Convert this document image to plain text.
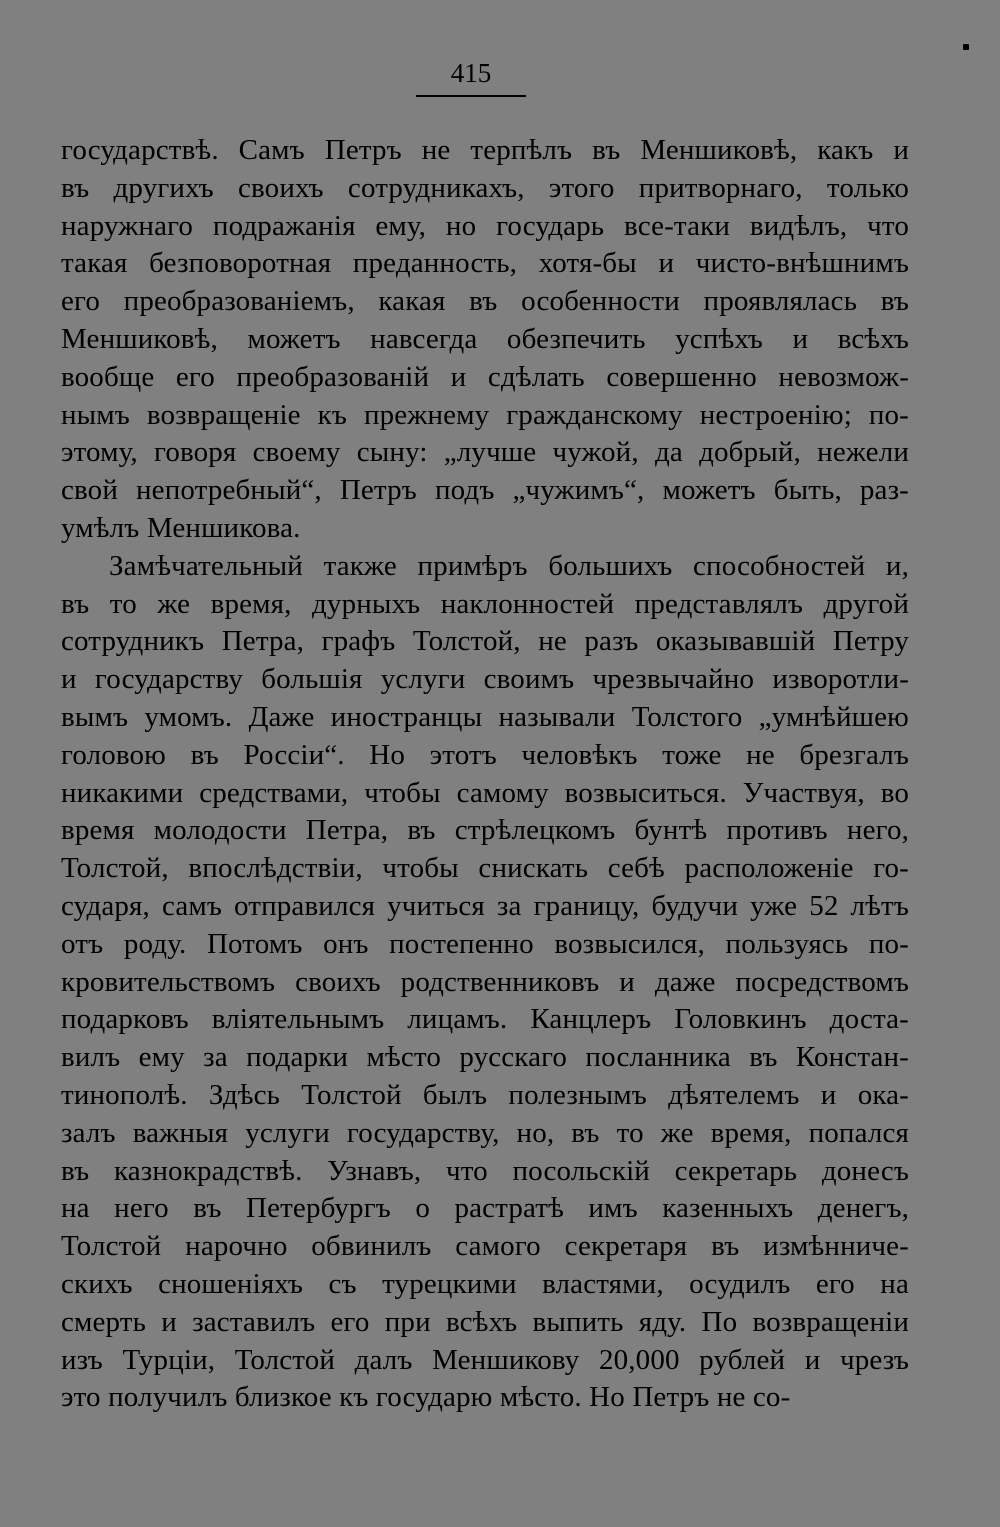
415
государствѣ. Самъ Петръ не терпѣлъ въ Меншиковѣ, какъ и
въ другихъ своихъ сотрудникахъ, этого притворнаго, только
наружнаго подражанія ему, но государь все-таки видѣлъ, что
такая безповоротная преданность, хотя-бы и чисто-внѣшнимъ
его преобразованіемъ, какая въ особенности проявлялась въ
Меншиковѣ, можетъ навсегда обезпечить успѣхъ и всѣхъ
вообще его преобразованій и сдѣлать совершенно невозмож-
нымъ возвращеніе къ прежнему гражданскому нестроенію; по-
этому, говоря своему сыну: „лучше чужой, да добрый, нежели
свой непотребный“, Петръ подъ „чужимъ“, можетъ быть, раз-
умѣлъ Меншикова.
Замѣчательный также примѣръ большихъ способностей и,
въ то же время, дурныхъ наклонностей представлялъ другой
сотрудникъ Петра, графъ Толстой, не разъ оказывавшій Петру
и государству большія услуги своимъ чрезвычайно изворотли-
вымъ умомъ. Даже иностранцы называли Толстого „умнѣйшею
головою въ Россіи“. Но этотъ человѣкъ тоже не брезгалъ
никакими средствами, чтобы самому возвыситься. Участвуя, во
время молодости Петра, въ стрѣлецкомъ бунтѣ противъ него,
Толстой, впослѣдствіи, чтобы снискать себѣ расположеніе го-
сударя, самъ отправился учиться за границу, будучи уже 52 лѣтъ
отъ роду. Потомъ онъ постепенно возвысился, пользуясь по-
кровительствомъ своихъ родственниковъ и даже посредствомъ
подарковъ вліятельнымъ лицамъ. Канцлеръ Головкинъ доста-
вилъ ему за подарки мѣсто русскаго посланника въ Констан-
тинополѣ. Здѣсь Толстой былъ полезнымъ дѣятелемъ и ока-
залъ важныя услуги государству, но, въ то же время, попался
въ казнокрадствѣ. Узнавъ, что посольскій секретарь донесъ
на него въ Петербургъ о растратѣ имъ казенныхъ денегъ,
Толстой нарочно обвинилъ самого секретаря въ измѣнниче-
скихъ сношеніяхъ съ турецкими властями, осудилъ его на
смерть и заставилъ его при всѣхъ выпить яду. По возвращеніи
изъ Турціи, Толстой далъ Меншикову 20,000 рублей и чрезъ
это получилъ близкое къ государю мѣсто. Но Петръ не со-
